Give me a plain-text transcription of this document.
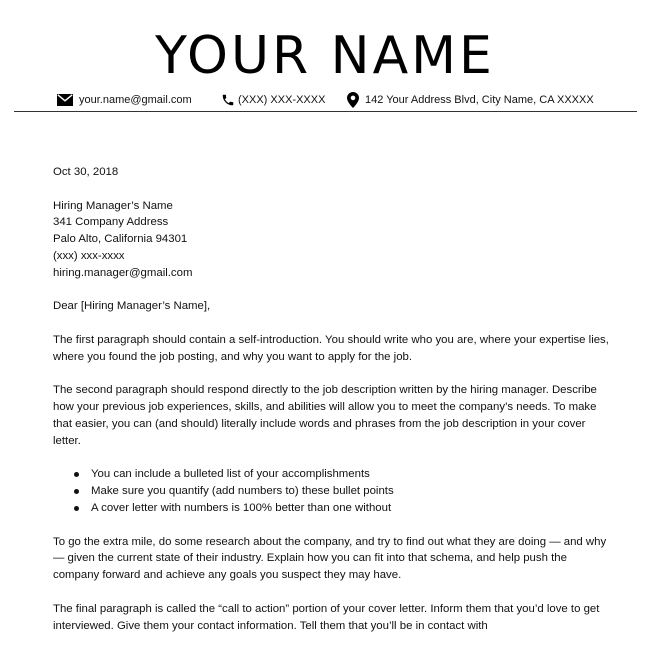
YOUR NAME
your.name@gmail.com	(XXX) XXX-XXXX	142 Your Address Blvd, City Name, CA XXXXX

Oct 30, 2018

Hiring Manager’s Name
341 Company Address
Palo Alto, California 94301
(xxx) xxx-xxxx
hiring.manager@gmail.com

Dear [Hiring Manager’s Name],

The first paragraph should contain a self-introduction. You should write who you are, where your expertise lies, where you found the job posting, and why you want to apply for the job.

The second paragraph should respond directly to the job description written by the hiring manager. Describe how your previous job experiences, skills, and abilities will allow you to meet the company’s needs. To make that easier, you can (and should) literally include words and phrases from the job description in your cover letter.

You can include a bulleted list of your accomplishments
Make sure you quantify (add numbers to) these bullet points
A cover letter with numbers is 100% better than one without

To go the extra mile, do some research about the company, and try to find out what they are doing — and why — given the current state of their industry. Explain how you can fit into that schema, and help push the company forward and achieve any goals you suspect they may have.

The final paragraph is called the “call to action” portion of your cover letter. Inform them that you’d love to get interviewed. Give them your contact information. Tell them that you’ll be in contact with
